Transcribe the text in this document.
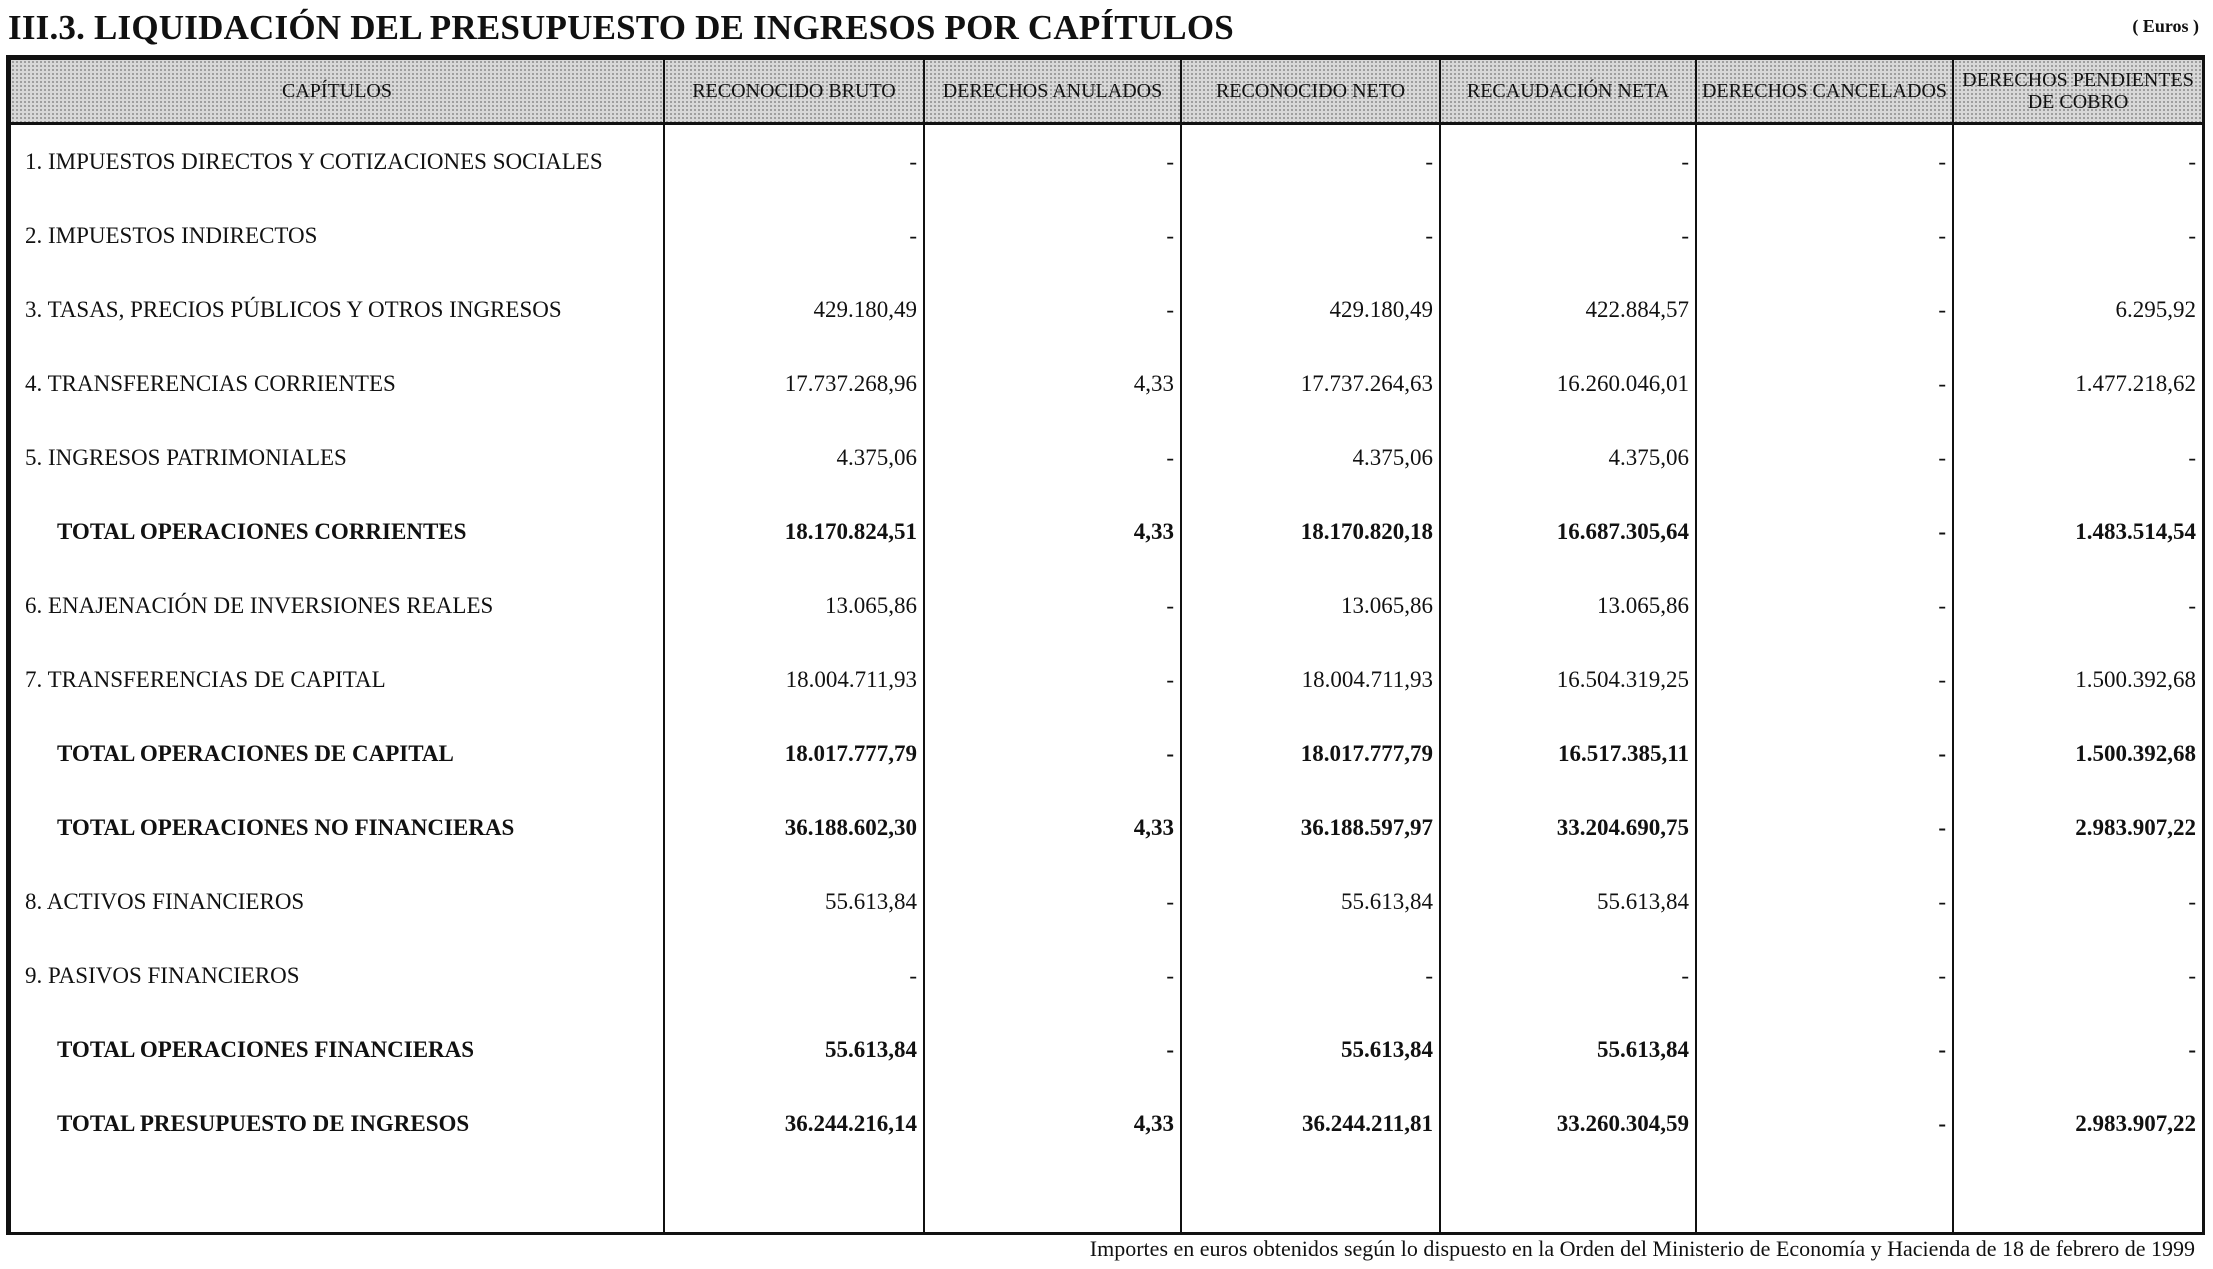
III.3. LIQUIDACIÓN DEL PRESUPUESTO DE INGRESOS POR CAPÍTULOS	( Euros )
CAPÍTULOS	RECONOCIDO BRUTO	DERECHOS ANULADOS	RECONOCIDO NETO	RECAUDACIÓN NETA	DERECHOS CANCELADOS	DERECHOS PENDIENTES DE COBRO
1. IMPUESTOS DIRECTOS Y COTIZACIONES SOCIALES	-	-	-	-	-	-
2. IMPUESTOS INDIRECTOS	-	-	-	-	-	-
3. TASAS, PRECIOS PÚBLICOS Y OTROS INGRESOS	429.180,49	-	429.180,49	422.884,57	-	6.295,92
4. TRANSFERENCIAS CORRIENTES	17.737.268,96	4,33	17.737.264,63	16.260.046,01	-	1.477.218,62
5. INGRESOS PATRIMONIALES	4.375,06	-	4.375,06	4.375,06	-	-
TOTAL OPERACIONES CORRIENTES	18.170.824,51	4,33	18.170.820,18	16.687.305,64	-	1.483.514,54
6. ENAJENACIÓN DE INVERSIONES REALES	13.065,86	-	13.065,86	13.065,86	-	-
7. TRANSFERENCIAS DE CAPITAL	18.004.711,93	-	18.004.711,93	16.504.319,25	-	1.500.392,68
TOTAL OPERACIONES DE CAPITAL	18.017.777,79	-	18.017.777,79	16.517.385,11	-	1.500.392,68
TOTAL OPERACIONES NO FINANCIERAS	36.188.602,30	4,33	36.188.597,97	33.204.690,75	-	2.983.907,22
8. ACTIVOS FINANCIEROS	55.613,84	-	55.613,84	55.613,84	-	-
9. PASIVOS FINANCIEROS	-	-	-	-	-	-
TOTAL OPERACIONES FINANCIERAS	55.613,84	-	55.613,84	55.613,84	-	-
TOTAL PRESUPUESTO DE INGRESOS	36.244.216,14	4,33	36.244.211,81	33.260.304,59	-	2.983.907,22

Importes en euros obtenidos según lo dispuesto en la Orden del Ministerio de Economía y Hacienda de 18 de febrero de 1999
